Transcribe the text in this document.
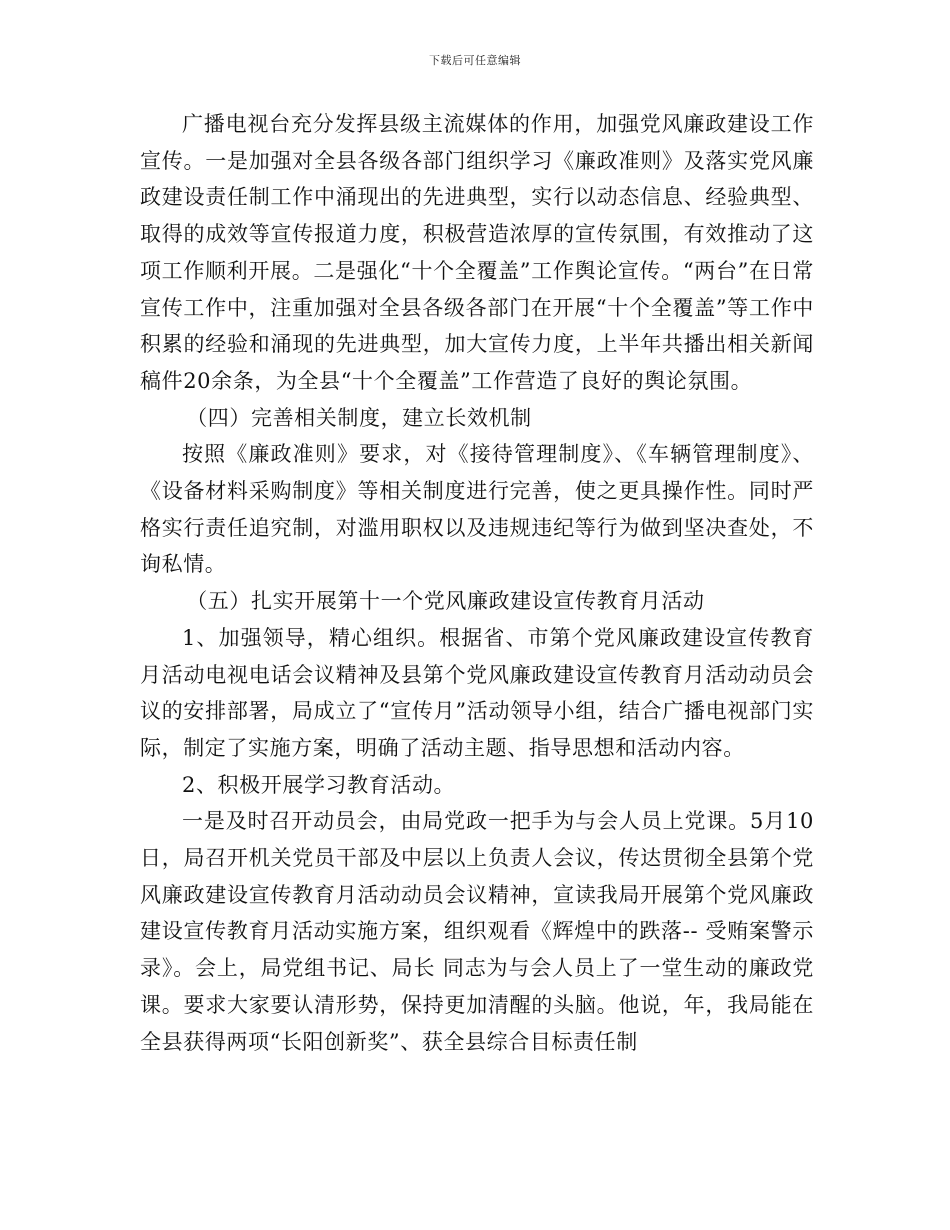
下载后可任意编辑

广播电视台充分发挥县级主流媒体的作用，加强党风廉政建设工作宣传。一是加强对全县各级各部门组织学习《廉政准则》及落实党风廉政建设责任制工作中涌现出的先进典型，实行以动态信息、经验典型、取得的成效等宣传报道力度，积极营造浓厚的宣传氛围，有效推动了这项工作顺利开展。二是强化“十个全覆盖”工作舆论宣传。“两台”在日常宣传工作中，注重加强对全县各级各部门在开展“十个全覆盖”等工作中积累的经验和涌现的先进典型，加大宣传力度，上半年共播出相关新闻稿件20余条，为全县“十个全覆盖”工作营造了良好的舆论氛围。

（四）完善相关制度，建立长效机制

按照《廉政准则》要求，对《接待管理制度》、《车辆管理制度》、《设备材料采购制度》等相关制度进行完善，使之更具操作性。同时严格实行责任追究制，对滥用职权以及违规违纪等行为做到坚决查处，不询私情。

（五）扎实开展第十一个党风廉政建设宣传教育月活动

1、加强领导，精心组织。根据省、市第个党风廉政建设宣传教育月活动电视电话会议精神及县第个党风廉政建设宣传教育月活动动员会议的安排部署，局成立了“宣传月”活动领导小组，结合广播电视部门实际，制定了实施方案，明确了活动主题、指导思想和活动内容。

2、积极开展学习教育活动。

一是及时召开动员会，由局党政一把手为与会人员上党课。5月10日，局召开机关党员干部及中层以上负责人会议，传达贯彻全县第个党风廉政建设宣传教育月活动动员会议精神，宣读我局开展第个党风廉政建设宣传教育月活动实施方案，组织观看《辉煌中的跌落-- 受贿案警示录》。会上，局党组书记、局长 同志为与会人员上了一堂生动的廉政党课。要求大家要认清形势，保持更加清醒的头脑。他说，年，我局能在全县获得两项“长阳创新奖”、获全县综合目标责任制
